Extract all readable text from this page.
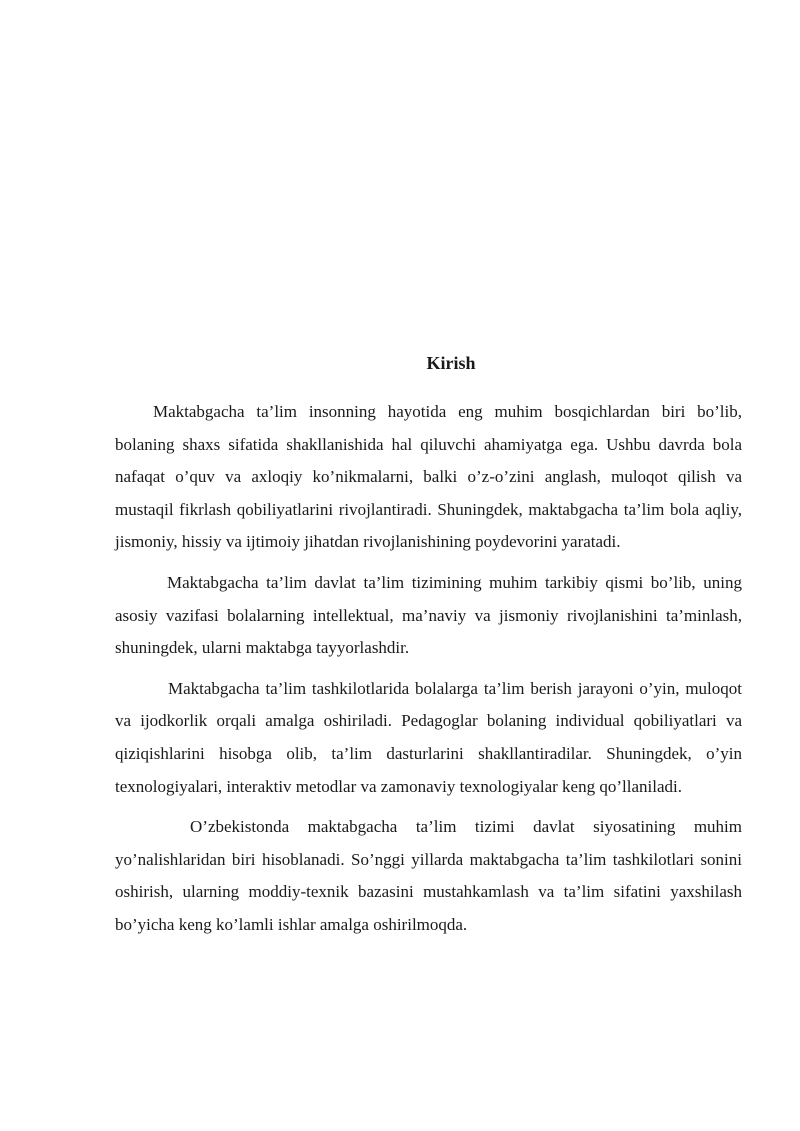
Kirish

Maktabgacha ta’lim insonning hayotida eng muhim bosqichlardan biri bo’lib, bolaning shaxs sifatida shakllanishida hal qiluvchi ahamiyatga ega. Ushbu davrda bola nafaqat o’quv va axloqiy ko’nikmalarni, balki o’z-o’zini anglash, muloqot qilish va mustaqil fikrlash qobiliyatlarini rivojlantiradi. Shuningdek, maktabgacha ta’lim bola aqliy, jismoniy, hissiy va ijtimoiy jihatdan rivojlanishining poydevorini yaratadi.

Maktabgacha ta’lim davlat ta’lim tizimining muhim tarkibiy qismi bo’lib, uning asosiy vazifasi bolalarning intellektual, ma’naviy va jismoniy rivojlanishini ta’minlash, shuningdek, ularni maktabga tayyorlashdir.

Maktabgacha ta’lim tashkilotlarida bolalarga ta’lim berish jarayoni o’yin, muloqot va ijodkorlik orqali amalga oshiriladi. Pedagoglar bolaning individual qobiliyatlari va qiziqishlarini hisobga olib, ta’lim dasturlarini shakllantiradilar. Shuningdek, o’yin texnologiyalari, interaktiv metodlar va zamonaviy texnologiyalar keng qo’llaniladi.

O’zbekistonda maktabgacha ta’lim tizimi davlat siyosatining muhim yo’nalishlaridan biri hisoblanadi. So’nggi yillarda maktabgacha ta’lim tashkilotlari sonini oshirish, ularning moddiy-texnik bazasini mustahkamlash va ta’lim sifatini yaxshilash bo’yicha keng ko’lamli ishlar amalga oshirilmoqda.
